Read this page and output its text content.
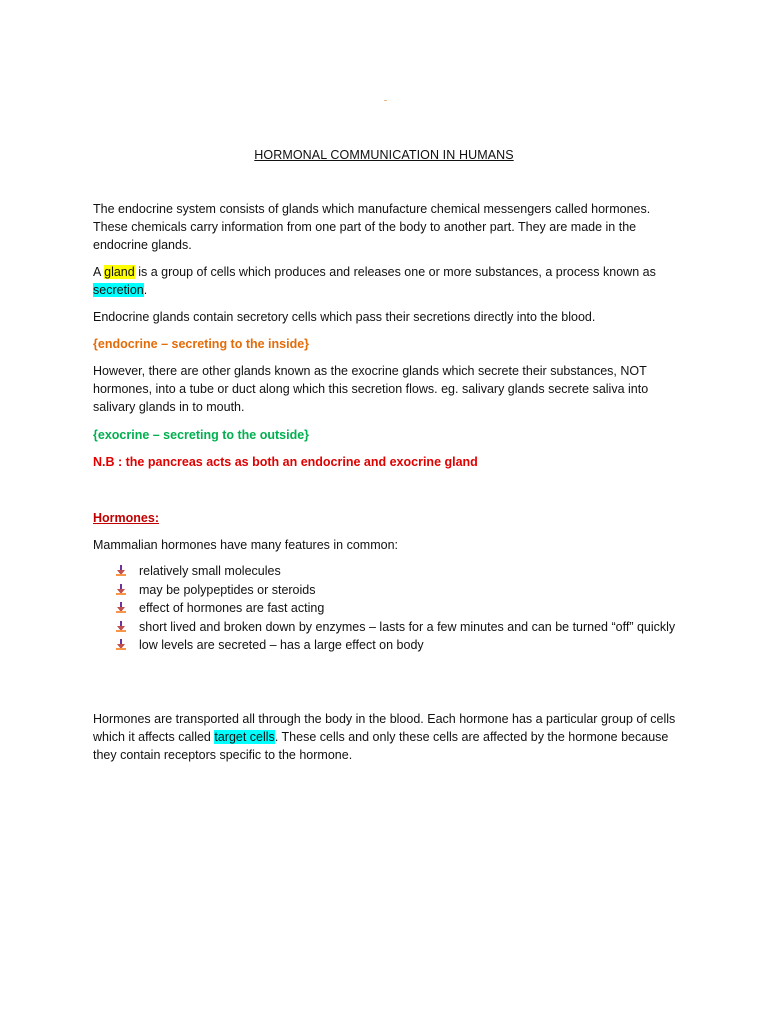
HORMONAL COMMUNICATION IN HUMANS

The endocrine system consists of glands which manufacture chemical messengers called hormones. These chemicals carry information from one part of the body to another part. They are made in the endocrine glands.

A gland is a group of cells which produces and releases one or more substances, a process known as secretion.

Endocrine glands contain secretory cells which pass their secretions directly into the blood.

{endocrine – secreting to the inside}

However, there are other glands known as the exocrine glands which secrete their substances, NOT hormones, into a tube or duct along which this secretion flows. eg. salivary glands secrete saliva into salivary glands in to mouth.

{exocrine – secreting to the outside}

N.B : the pancreas acts as both an endocrine and exocrine gland

Hormones:

Mammalian hormones have many features in common:

relatively small molecules
may be polypeptides or steroids
effect of hormones are fast acting
short lived and broken down by enzymes – lasts for a few minutes and can be turned “off” quickly
low levels are secreted – has a large effect on body

Hormones are transported all through the body in the blood. Each hormone has a particular group of cells which it affects called target cells. These cells and only these cells are affected by the hormone because they contain receptors specific to the hormone.
